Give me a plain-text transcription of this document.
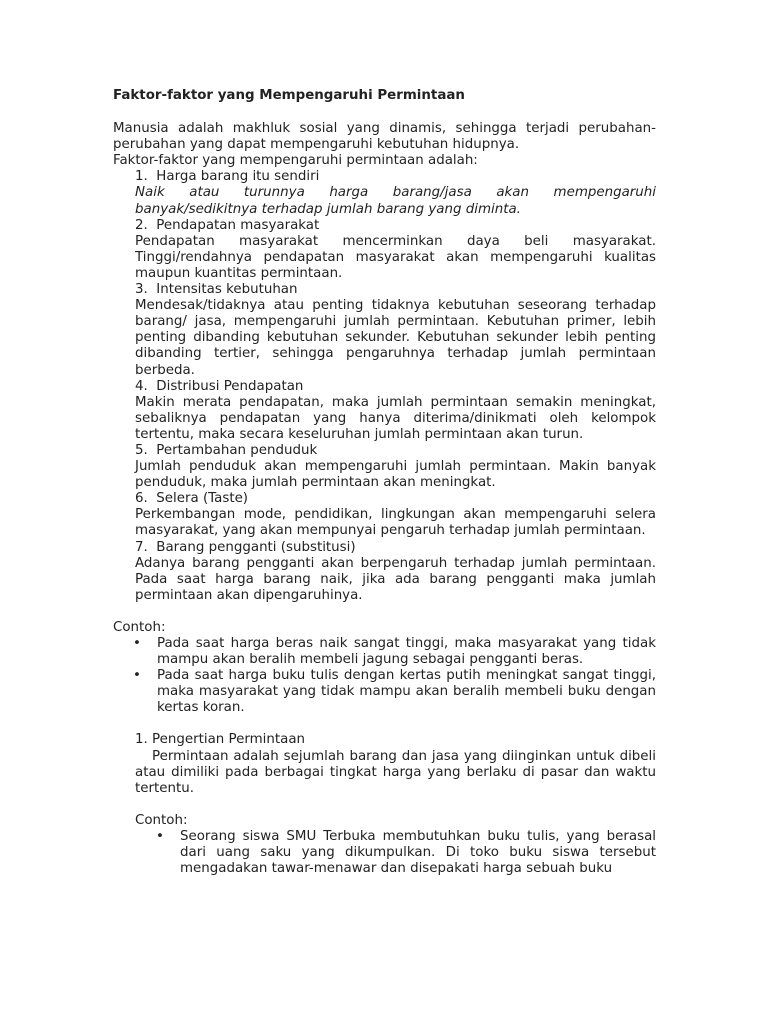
Faktor-faktor yang Mempengaruhi Permintaan

Manusia adalah makhluk sosial yang dinamis, sehingga terjadi perubahan-perubahan yang dapat mempengaruhi kebutuhan hidupnya.

Faktor-faktor yang mempengaruhi permintaan adalah:

1.  Harga barang itu sendiri

Naik atau turunnya harga barang/jasa akan mempengaruhi banyak/sedikitnya terhadap jumlah barang yang diminta.

2.  Pendapatan masyarakat

Pendapatan masyarakat mencerminkan daya beli masyarakat. Tinggi/rendahnya pendapatan masyarakat akan mempengaruhi kualitas maupun kuantitas permintaan.

3.  Intensitas kebutuhan

Mendesak/tidaknya atau penting tidaknya kebutuhan seseorang terhadap barang/ jasa, mempengaruhi jumlah permintaan. Kebutuhan primer, lebih penting dibanding kebutuhan sekunder. Kebutuhan sekunder lebih penting dibanding tertier, sehingga pengaruhnya terhadap jumlah permintaan berbeda.

4.  Distribusi Pendapatan

Makin merata pendapatan, maka jumlah permintaan semakin meningkat, sebaliknya pendapatan yang hanya diterima/dinikmati oleh kelompok tertentu, maka secara keseluruhan jumlah permintaan akan turun.

5.  Pertambahan penduduk

Jumlah penduduk akan mempengaruhi jumlah permintaan. Makin banyak penduduk, maka jumlah permintaan akan meningkat.

6.  Selera (Taste)

Perkembangan mode, pendidikan, lingkungan akan mempengaruhi selera masyarakat, yang akan mempunyai pengaruh terhadap jumlah permintaan.

7.  Barang pengganti (substitusi)

Adanya barang pengganti akan berpengaruh terhadap jumlah permintaan. Pada saat harga barang naik, jika ada barang pengganti maka jumlah permintaan akan dipengaruhinya.

Contoh:

• Pada saat harga beras naik sangat tinggi, maka masyarakat yang tidak mampu akan beralih membeli jagung sebagai pengganti beras.

• Pada saat harga buku tulis dengan kertas putih meningkat sangat tinggi, maka masyarakat yang tidak mampu akan beralih membeli buku dengan kertas koran.

1. Pengertian Permintaan

Permintaan adalah sejumlah barang dan jasa yang diinginkan untuk dibeli atau dimiliki pada berbagai tingkat harga yang berlaku di pasar dan waktu tertentu.

Contoh:

• Seorang siswa SMU Terbuka membutuhkan buku tulis, yang berasal dari uang saku yang dikumpulkan. Di toko buku siswa tersebut mengadakan tawar-menawar dan disepakati harga sebuah buku
